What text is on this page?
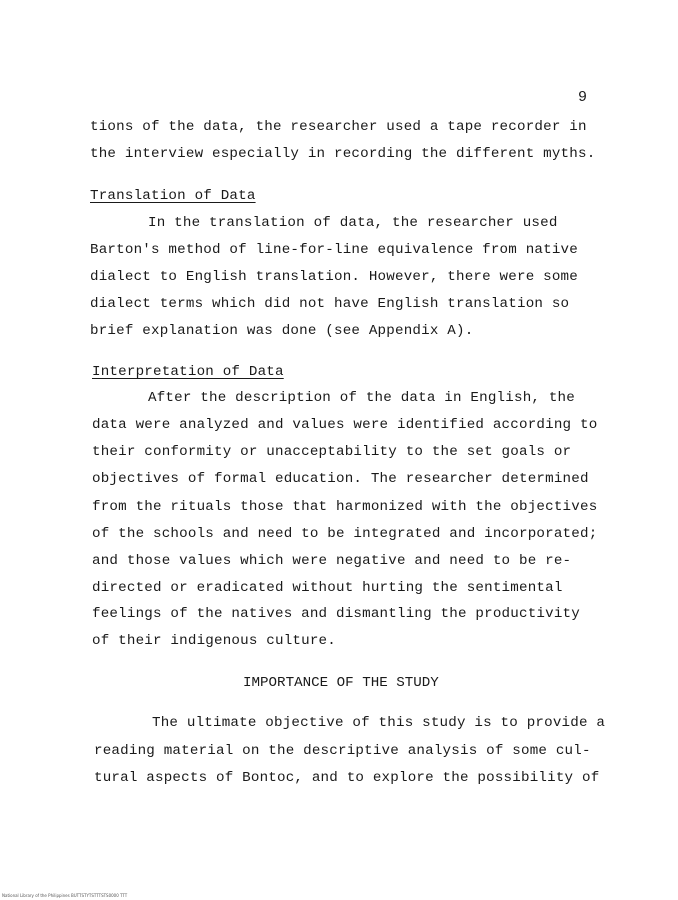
9
tions of the data, the researcher used a tape recorder in
the interview especially in recording the different myths.
Translation of Data
In the translation of data, the researcher used
Barton's method of line-for-line equivalence from native
dialect to English translation. However, there were some
dialect terms which did not have English translation so
brief explanation was done (see Appendix A).
Interpretation of Data
After the description of the data in English, the
data were analyzed and values were identified according to
their conformity or unacceptability to the set goals or
objectives of formal education. The researcher determined
from the rituals those that harmonized with the objectives
of the schools and need to be integrated and incorporated;
and those values which were negative and need to be re-
directed or eradicated without hurting the sentimental
feelings of the natives and dismantling the productivity
of their indigenous culture.
IMPORTANCE OF THE STUDY
The ultimate objective of this study is to provide a
reading material on the descriptive analysis of some cul-
tural aspects of Bontoc, and to explore the possibility of
National Library of the Philippines BUTTSTYTSTTTSTS0000 TTT
